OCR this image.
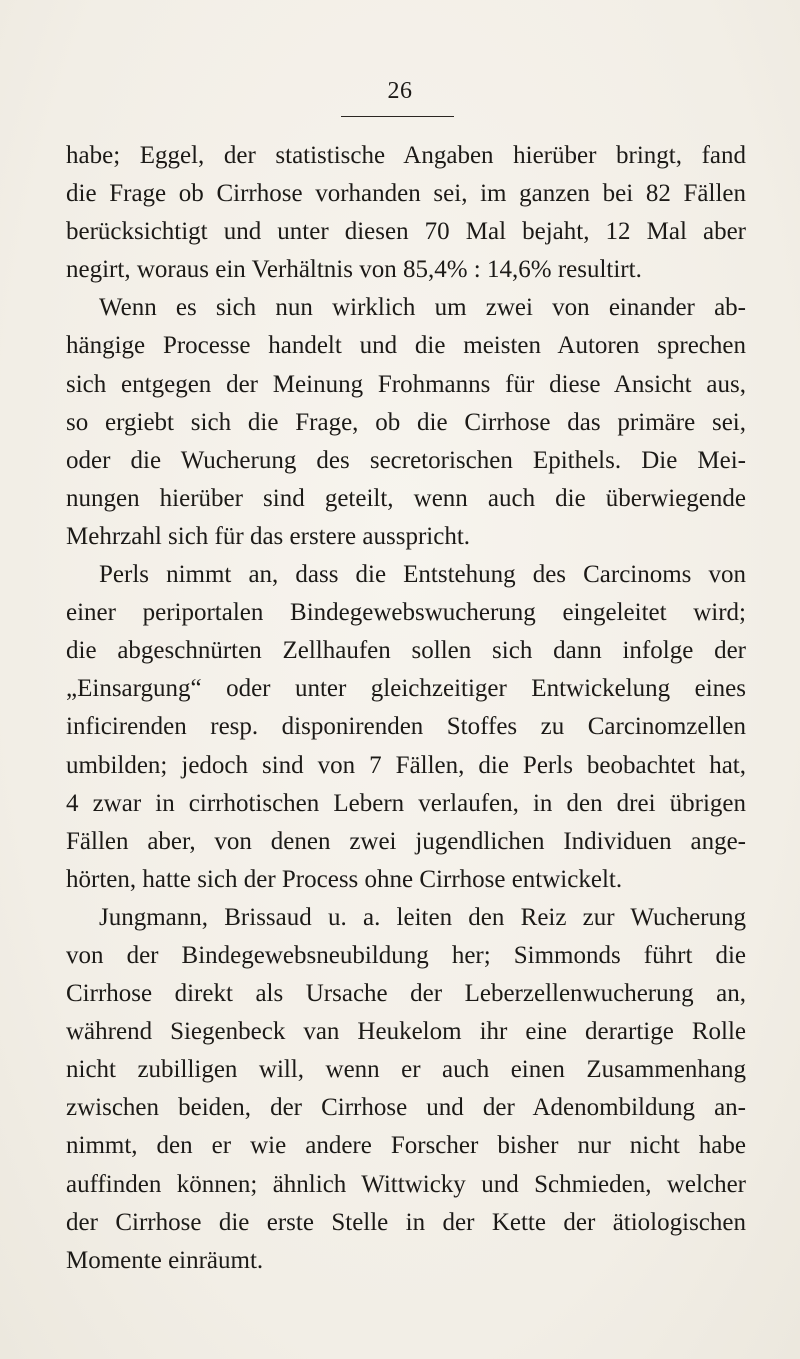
26
habe; Eggel, der statistische Angaben hierüber bringt, fand
die Frage ob Cirrhose vorhanden sei, im ganzen bei 82 Fällen
berücksichtigt und unter diesen 70 Mal bejaht, 12 Mal aber
negirt, woraus ein Verhältnis von 85,4% : 14,6% resultirt.
Wenn es sich nun wirklich um zwei von einander ab-
hängige Processe handelt und die meisten Autoren sprechen
sich entgegen der Meinung Frohmanns für diese Ansicht aus,
so ergiebt sich die Frage, ob die Cirrhose das primäre sei,
oder die Wucherung des secretorischen Epithels. Die Mei-
nungen hierüber sind geteilt, wenn auch die überwiegende
Mehrzahl sich für das erstere ausspricht.
Perls nimmt an, dass die Entstehung des Carcinoms von
einer periportalen Bindegewebswucherung eingeleitet wird;
die abgeschnürten Zellhaufen sollen sich dann infolge der
„Einsargung“ oder unter gleichzeitiger Entwickelung eines
inficirenden resp. disponirenden Stoffes zu Carcinomzellen
umbilden; jedoch sind von 7 Fällen, die Perls beobachtet hat,
4 zwar in cirrhotischen Lebern verlaufen, in den drei übrigen
Fällen aber, von denen zwei jugendlichen Individuen ange-
hörten, hatte sich der Process ohne Cirrhose entwickelt.
Jungmann, Brissaud u. a. leiten den Reiz zur Wucherung
von der Bindegewebsneubildung her; Simmonds führt die
Cirrhose direkt als Ursache der Leberzellenwucherung an,
während Siegenbeck van Heukelom ihr eine derartige Rolle
nicht zubilligen will, wenn er auch einen Zusammenhang
zwischen beiden, der Cirrhose und der Adenombildung an-
nimmt, den er wie andere Forscher bisher nur nicht habe
auffinden können; ähnlich Wittwicky und Schmieden, welcher
der Cirrhose die erste Stelle in der Kette der ätiologischen
Momente einräumt.
